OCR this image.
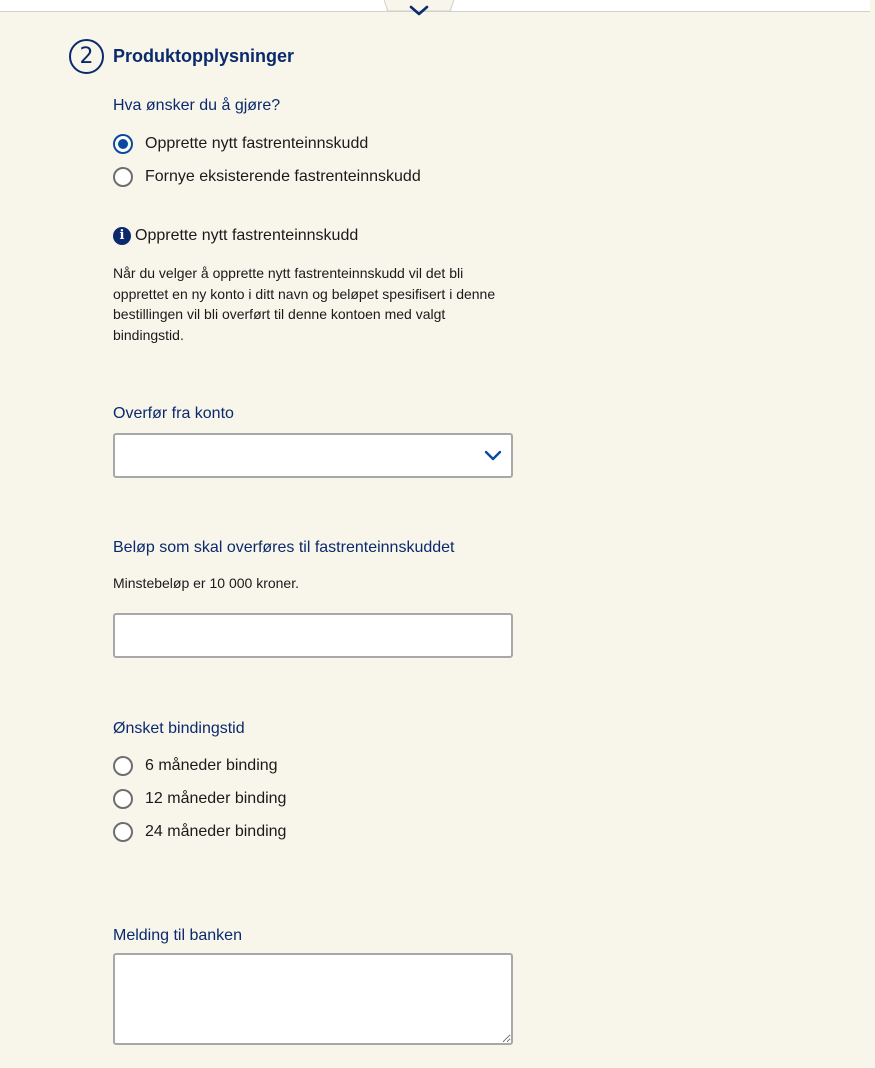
2	Produktopplysninger
Hva ønsker du å gjøre?
Opprette nytt fastrenteinnskudd
Fornye eksisterende fastrenteinnskudd
i Opprette nytt fastrenteinnskudd
Når du velger å opprette nytt fastrenteinnskudd vil det bli opprettet en ny konto i ditt navn og beløpet spesifisert i denne bestillingen vil bli overført til denne kontoen med valgt bindingstid.
Overfør fra konto
Beløp som skal overføres til fastrenteinnskuddet
Minstebeløp er 10 000 kroner.
Ønsket bindingstid
6 måneder binding
12 måneder binding
24 måneder binding
Melding til banken
